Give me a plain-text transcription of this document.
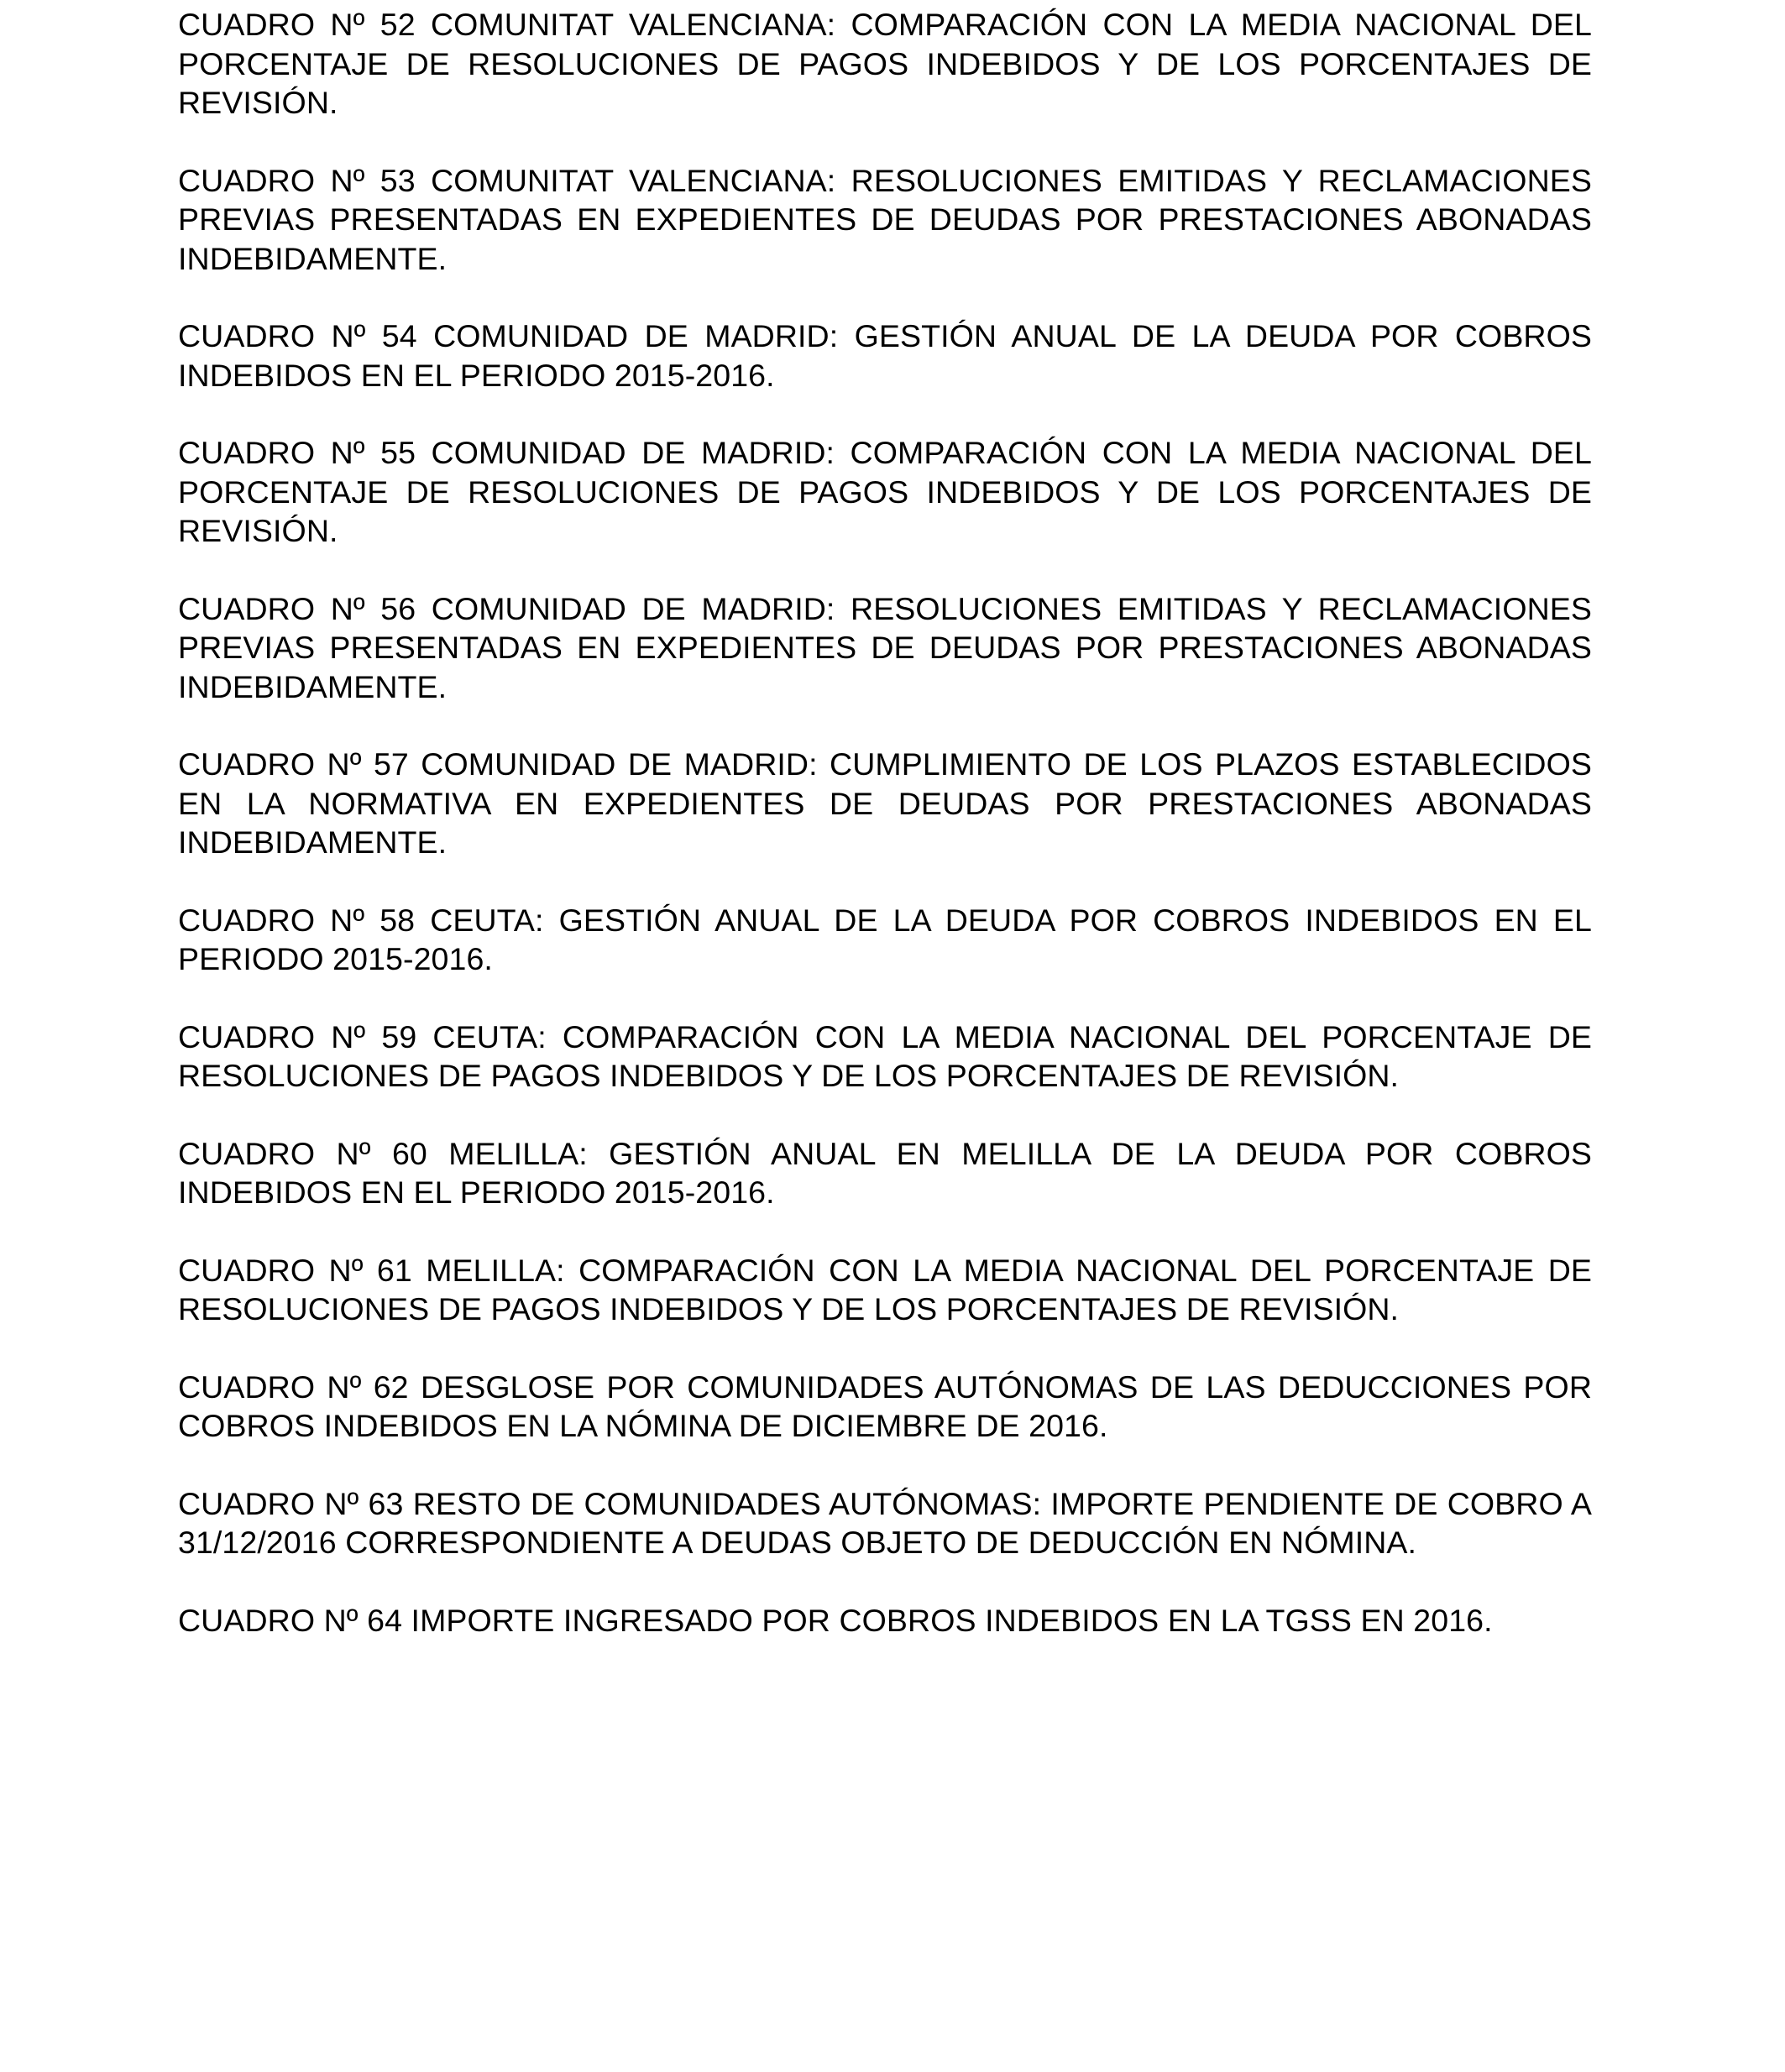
CUADRO Nº 52 COMUNITAT VALENCIANA: COMPARACIÓN CON LA MEDIA NACIONAL DEL PORCENTAJE DE RESOLUCIONES DE PAGOS INDEBIDOS Y DE LOS PORCENTAJES DE REVISIÓN.

CUADRO Nº 53 COMUNITAT VALENCIANA: RESOLUCIONES EMITIDAS Y RECLAMACIONES PREVIAS PRESENTADAS EN EXPEDIENTES DE DEUDAS POR PRESTACIONES ABONADAS INDEBIDAMENTE.

CUADRO Nº 54 COMUNIDAD DE MADRID: GESTIÓN ANUAL DE LA DEUDA POR COBROS INDEBIDOS EN EL PERIODO 2015-2016.

CUADRO Nº 55 COMUNIDAD DE MADRID: COMPARACIÓN CON LA MEDIA NACIONAL DEL PORCENTAJE DE RESOLUCIONES DE PAGOS INDEBIDOS Y DE LOS PORCENTAJES DE REVISIÓN.

CUADRO Nº 56 COMUNIDAD DE MADRID: RESOLUCIONES EMITIDAS Y RECLAMACIONES PREVIAS PRESENTADAS EN EXPEDIENTES DE DEUDAS POR PRESTACIONES ABONADAS INDEBIDAMENTE.

CUADRO Nº 57 COMUNIDAD DE MADRID: CUMPLIMIENTO DE LOS PLAZOS ESTABLECIDOS EN LA NORMATIVA EN EXPEDIENTES DE DEUDAS POR PRESTACIONES ABONADAS INDEBIDAMENTE.

CUADRO Nº 58 CEUTA: GESTIÓN ANUAL DE LA DEUDA POR COBROS INDEBIDOS EN EL PERIODO 2015-2016.

CUADRO Nº 59 CEUTA: COMPARACIÓN CON LA MEDIA NACIONAL DEL PORCENTAJE DE RESOLUCIONES DE PAGOS INDEBIDOS Y DE LOS PORCENTAJES DE REVISIÓN.

CUADRO Nº 60 MELILLA: GESTIÓN ANUAL EN MELILLA DE LA DEUDA POR COBROS INDEBIDOS EN EL PERIODO 2015-2016.

CUADRO Nº 61 MELILLA: COMPARACIÓN CON LA MEDIA NACIONAL DEL PORCENTAJE DE RESOLUCIONES DE PAGOS INDEBIDOS Y DE LOS PORCENTAJES DE REVISIÓN.

CUADRO Nº 62 DESGLOSE POR COMUNIDADES AUTÓNOMAS DE LAS DEDUCCIONES POR COBROS INDEBIDOS EN LA NÓMINA DE DICIEMBRE DE 2016.

CUADRO Nº 63 RESTO DE COMUNIDADES AUTÓNOMAS: IMPORTE PENDIENTE DE COBRO A 31/12/2016 CORRESPONDIENTE A DEUDAS OBJETO DE DEDUCCIÓN EN NÓMINA.

CUADRO Nº 64 IMPORTE INGRESADO POR COBROS INDEBIDOS EN LA TGSS EN 2016.
